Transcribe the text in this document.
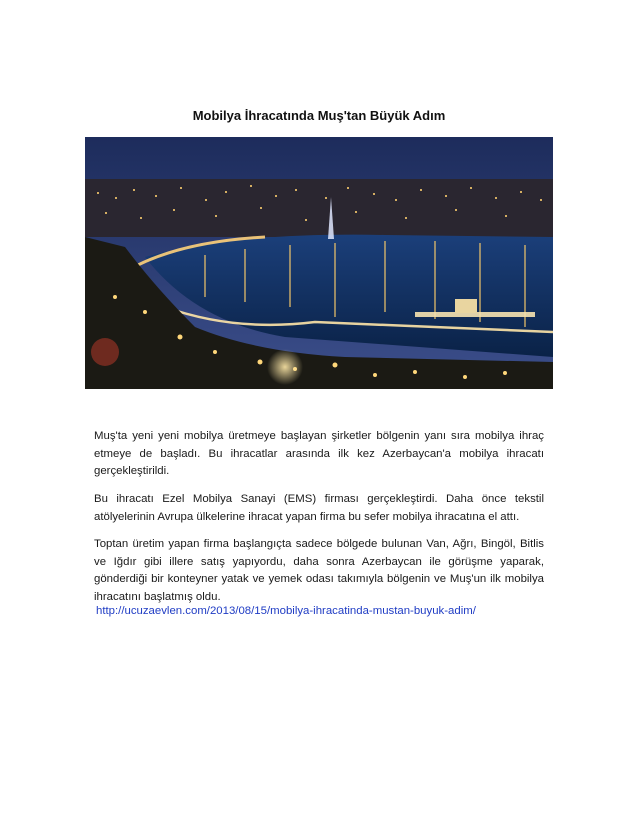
Mobilya İhracatında Muş'tan Büyük Adım

Muş'ta yeni yeni mobilya üretmeye başlayan şirketler bölgenin yanı sıra mobilya ihraç etmeye de başladı. Bu ihracatlar arasında ilk kez Azerbaycan'a mobilya ihracatı gerçekleştirildi.

Bu ihracatı Ezel Mobilya Sanayi (EMS) firması gerçekleştirdi. Daha önce tekstil atölyelerinin Avrupa ülkelerine ihracat yapan firma bu sefer mobilya ihracatına el attı.

Toptan üretim yapan firma başlangıçta sadece bölgede bulunan Van, Ağrı, Bingöl, Bitlis ve Iğdır gibi illere satış yapıyordu, daha sonra Azerbaycan ile görüşme yaparak, gönderdiği bir konteyner yatak ve yemek odası takımıyla bölgenin ve Muş'un ilk mobilya ihracatını başlatmış oldu.

http://ucuzaevlen.com/2013/08/15/mobilya-ihracatinda-mustan-buyuk-adim/
